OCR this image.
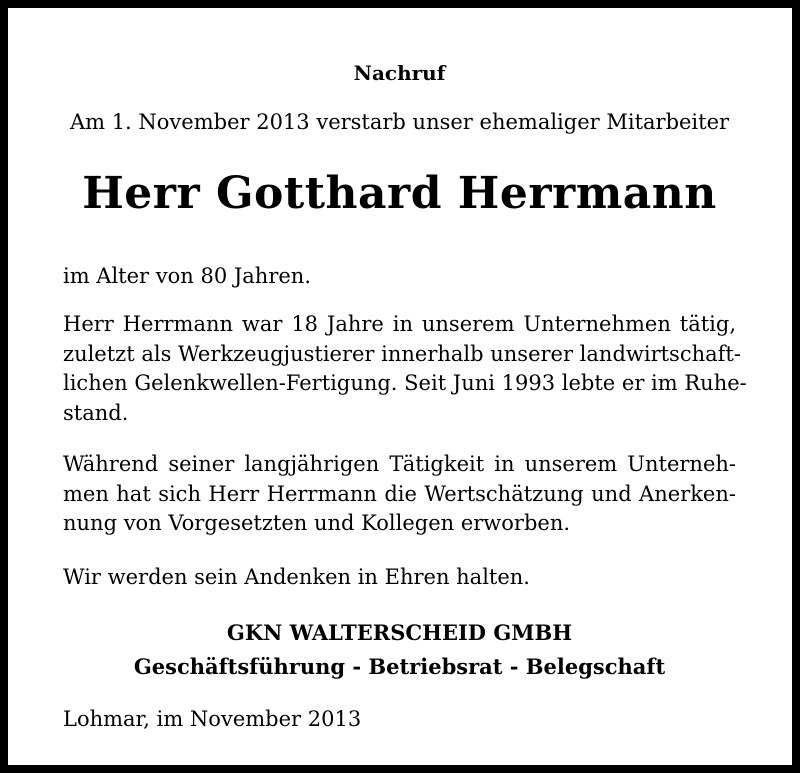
Nachruf
Am 1. November 2013 verstarb unser ehemaliger Mitarbeiter
Herr Gotthard Herrmann
im Alter von 80 Jahren.
Herr Herrmann war 18 Jahre in unserem Unternehmen tätig,
zuletzt als Werkzeugjustierer innerhalb unserer landwirtschaft-
lichen Gelenkwellen-Fertigung. Seit Juni 1993 lebte er im Ruhe-
stand.
Während seiner langjährigen Tätigkeit in unserem Unterneh-
men hat sich Herr Herrmann die Wertschätzung und Anerken-
nung von Vorgesetzten und Kollegen erworben.
Wir werden sein Andenken in Ehren halten.
GKN WALTERSCHEID GMBH
Geschäftsführung - Betriebsrat - Belegschaft
Lohmar, im November 2013
